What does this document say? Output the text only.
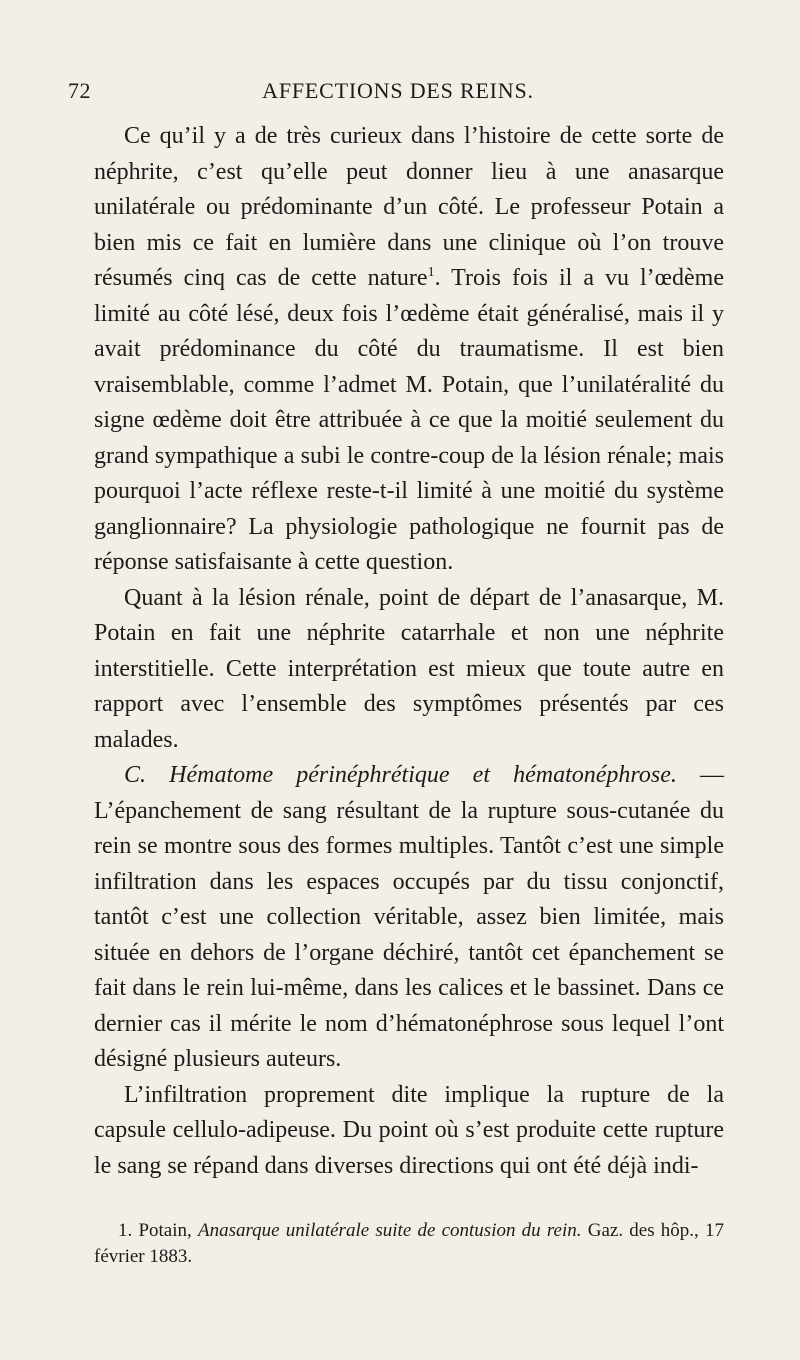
72	AFFECTIONS DES REINS.

Ce qu’il y a de très curieux dans l’histoire de cette sorte de néphrite, c’est qu’elle peut donner lieu à une anasarque unilatérale ou prédominante d’un côté. Le professeur Potain a bien mis ce fait en lumière dans une clinique où l’on trouve résumés cinq cas de cette nature$^1$. Trois fois il a vu l’œdème limité au côté lésé, deux fois l’œdème était généralisé, mais il y avait prédominance du côté du traumatisme. Il est bien vraisemblable, comme l’admet M. Potain, que l’unilatéralité du signe œdème doit être attribuée à ce que la moitié seulement du grand sympathique a subi le contre-coup de la lésion rénale; mais pourquoi l’acte réflexe reste-t-il limité à une moitié du système ganglionnaire? La physiologie pathologique ne fournit pas de réponse satisfaisante à cette question.

Quant à la lésion rénale, point de départ de l’anasarque, M. Potain en fait une néphrite catarrhale et non une néphrite interstitielle. Cette interprétation est mieux que toute autre en rapport avec l’ensemble des symptômes présentés par ces malades.

C. Hématome périnéphrétique et hématonéphrose. — L’épanchement de sang résultant de la rupture sous-cutanée du rein se montre sous des formes multiples. Tantôt c’est une simple infiltration dans les espaces occupés par du tissu conjonctif, tantôt c’est une collection véritable, assez bien limitée, mais située en dehors de l’organe déchiré, tantôt cet épanchement se fait dans le rein lui-même, dans les calices et le bassinet. Dans ce dernier cas il mérite le nom d’hématonéphrose sous lequel l’ont désigné plusieurs auteurs.

L’infiltration proprement dite implique la rupture de la capsule cellulo-adipeuse. Du point où s’est produite cette rupture le sang se répand dans diverses directions qui ont été déjà indi-

1. Potain, Anasarque unilatérale suite de contusion du rein. Gaz. des hôp., 17 février 1883.
